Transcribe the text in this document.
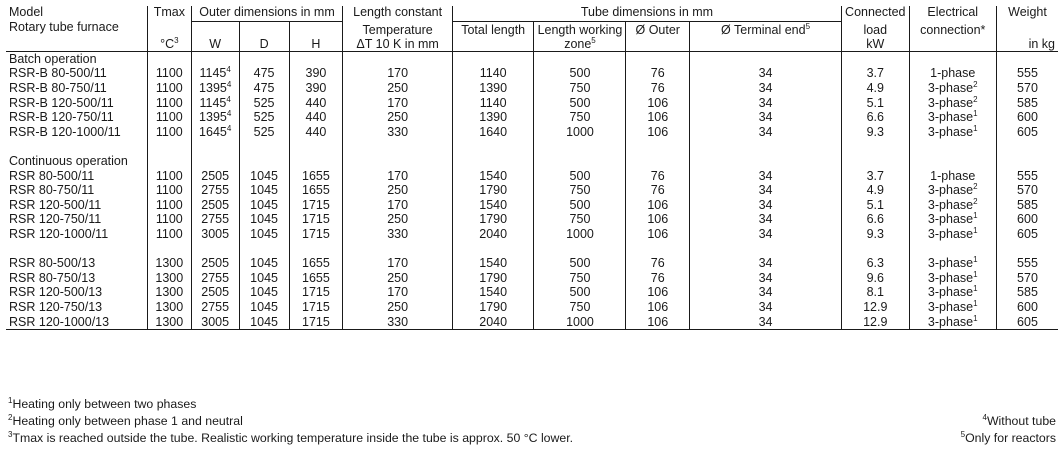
Model	Tmax	Outer dimensions in mm			Length constant	Tube dimensions in mm				Connected	Electrical	Weight
Rotary tube furnace					Temperature	Total length	Length working	Ø Outer	Ø Terminal end$^5$	load	connection*	
	$^\circ C^3$	W	D	H	ΔT 10 K in mm		zone$^5$			kW		in kg
Batch operation												
RSR-B 80-500/11	1100	1145$^4$	475	390	170	1140	500	76	34	3.7	1-phase	555
RSR-B 80-750/11	1100	1395$^4$	475	390	250	1390	750	76	34	4.9	3-phase$^2$	570
RSR-B 120-500/11	1100	1145$^4$	525	440	170	1140	500	106	34	5.1	3-phase$^2$	585
RSR-B 120-750/11	1100	1395$^4$	525	440	250	1390	750	106	34	6.6	3-phase$^1$	600
RSR-B 120-1000/11	1100	1645$^4$	525	440	330	1640	1000	106	34	9.3	3-phase$^1$	605

Continuous operation												
RSR 80-500/11	1100	2505	1045	1655	170	1540	500	76	34	3.7	1-phase	555
RSR 80-750/11	1100	2755	1045	1655	250	1790	750	76	34	4.9	3-phase$^2$	570
RSR 120-500/11	1100	2505	1045	1715	170	1540	500	106	34	5.1	3-phase$^2$	585
RSR 120-750/11	1100	2755	1045	1715	250	1790	750	106	34	6.6	3-phase$^1$	600
RSR 120-1000/11	1100	3005	1045	1715	330	2040	1000	106	34	9.3	3-phase$^1$	605

RSR 80-500/13	1300	2505	1045	1655	170	1540	500	76	34	6.3	3-phase$^1$	555
RSR 80-750/13	1300	2755	1045	1655	250	1790	750	76	34	9.6	3-phase$^1$	570
RSR 120-500/13	1300	2505	1045	1715	170	1540	500	106	34	8.1	3-phase$^1$	585
RSR 120-750/13	1300	2755	1045	1715	250	1790	750	106	34	12.9	3-phase$^1$	600
RSR 120-1000/13	1300	3005	1045	1715	330	2040	1000	106	34	12.9	3-phase$^1$	605
$^1$Heating only between two phases
$^2$Heating only between phase 1 and neutral
$^3$Tmax is reached outside the tube. Realistic working temperature inside the tube is approx. 50 °C lower.
$^4$Without tube
$^5$Only for reactors
